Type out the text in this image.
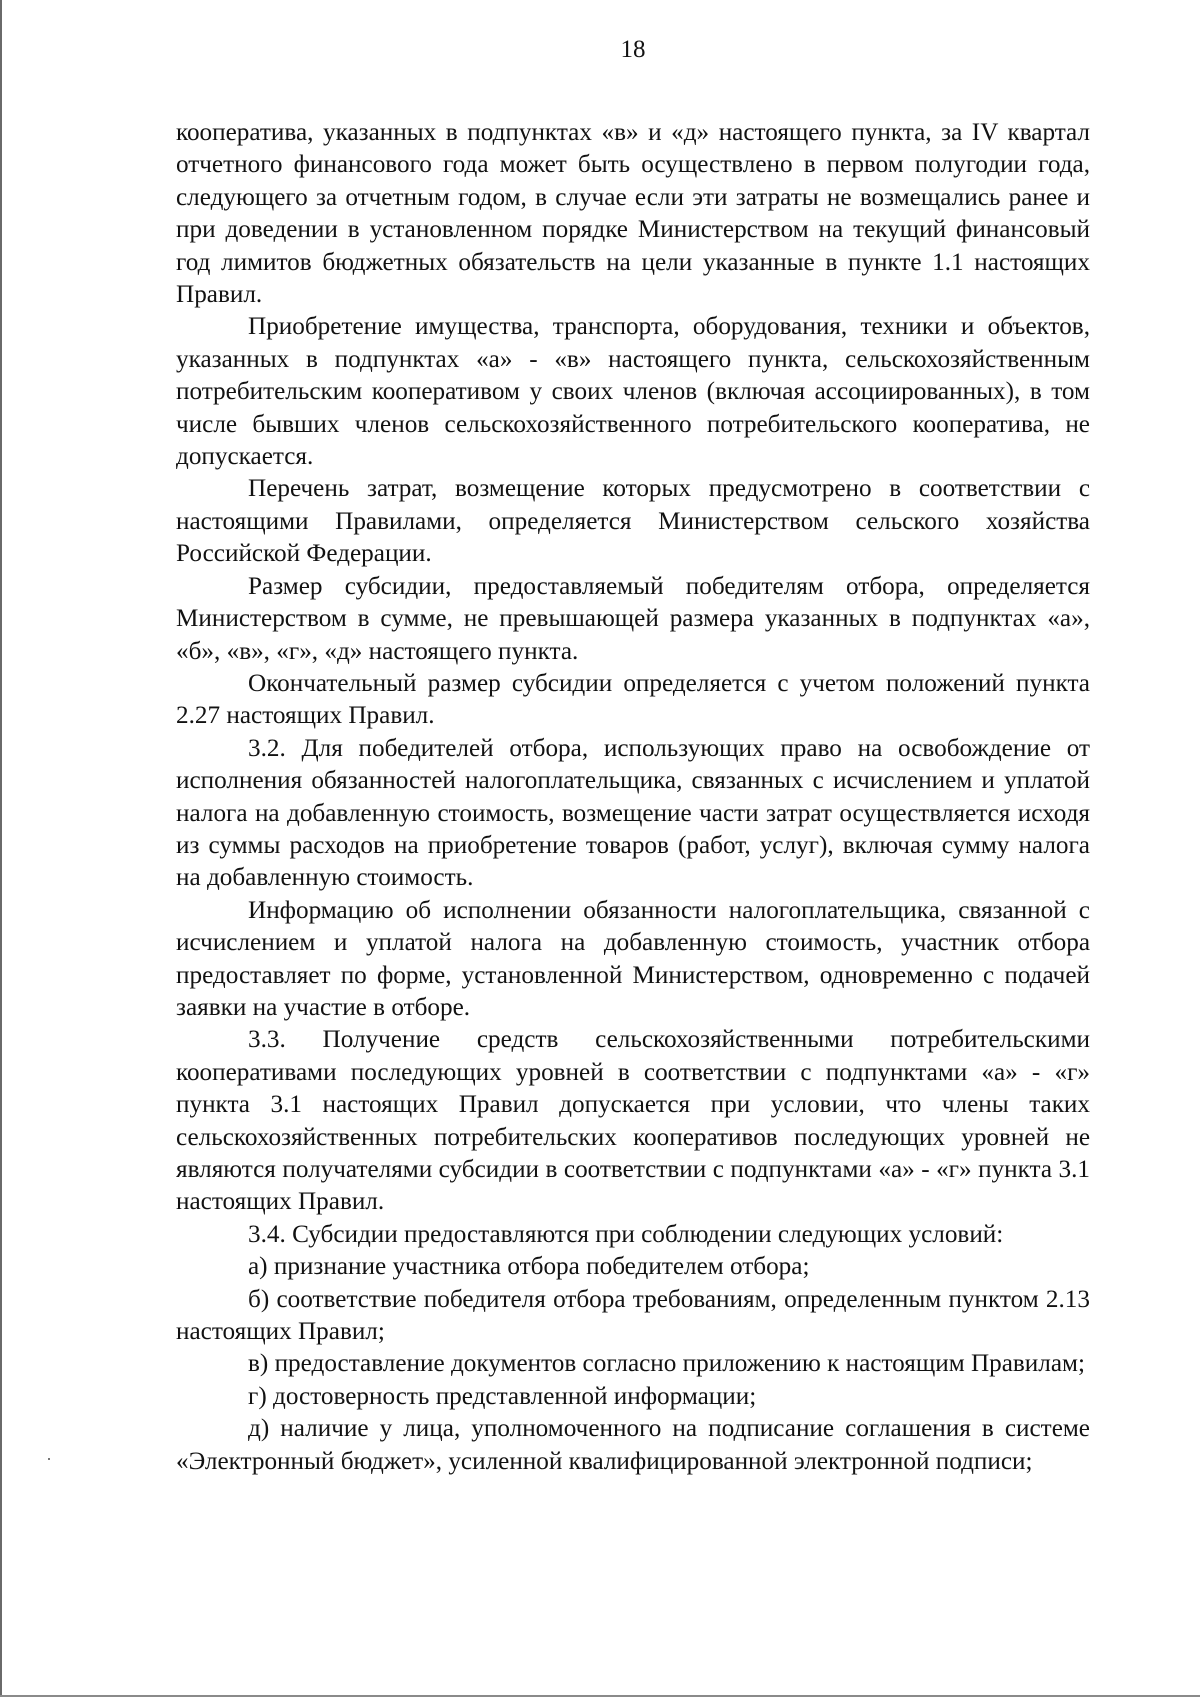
18

кооператива, указанных в подпунктах «в» и «д» настоящего пункта, за IV квартал отчетного финансового года может быть осуществлено в первом полугодии года, следующего за отчетным годом, в случае если эти затраты не возмещались ранее и при доведении в установленном порядке Министерством на текущий финансовый год лимитов бюджетных обязательств на цели указанные в пункте 1.1 настоящих Правил.

Приобретение имущества, транспорта, оборудования, техники и объектов, указанных в подпунктах «а» - «в» настоящего пункта, сельскохозяйственным потребительским кооперативом у своих членов (включая ассоциированных), в том числе бывших членов сельскохозяйственного потребительского кооператива, не допускается.

Перечень затрат, возмещение которых предусмотрено в соответствии с настоящими Правилами, определяется Министерством сельского хозяйства Российской Федерации.

Размер субсидии, предоставляемый победителям отбора, определяется Министерством в сумме, не превышающей размера указанных в подпунктах «а», «б», «в», «г», «д» настоящего пункта.

Окончательный размер субсидии определяется с учетом положений пункта 2.27 настоящих Правил.

3.2. Для победителей отбора, использующих право на освобождение от исполнения обязанностей налогоплательщика, связанных с исчислением и уплатой налога на добавленную стоимость, возмещение части затрат осуществляется исходя из суммы расходов на приобретение товаров (работ, услуг), включая сумму налога на добавленную стоимость.

Информацию об исполнении обязанности налогоплательщика, связанной с исчислением и уплатой налога на добавленную стоимость, участник отбора предоставляет по форме, установленной Министерством, одновременно с подачей заявки на участие в отборе.

3.3. Получение средств сельскохозяйственными потребительскими кооперативами последующих уровней в соответствии с подпунктами «а» - «г» пункта 3.1 настоящих Правил допускается при условии, что члены таких сельскохозяйственных потребительских кооперативов последующих уровней не являются получателями субсидии в соответствии с подпунктами «а» - «г» пункта 3.1 настоящих Правил.

3.4. Субсидии предоставляются при соблюдении следующих условий:

а) признание участника отбора победителем отбора;

б) соответствие победителя отбора требованиям, определенным пунктом 2.13 настоящих Правил;

в) предоставление документов согласно приложению к настоящим Правилам;

г) достоверность представленной информации;

д) наличие у лица, уполномоченного на подписание соглашения в системе «Электронный бюджет», усиленной квалифицированной электронной подписи;
